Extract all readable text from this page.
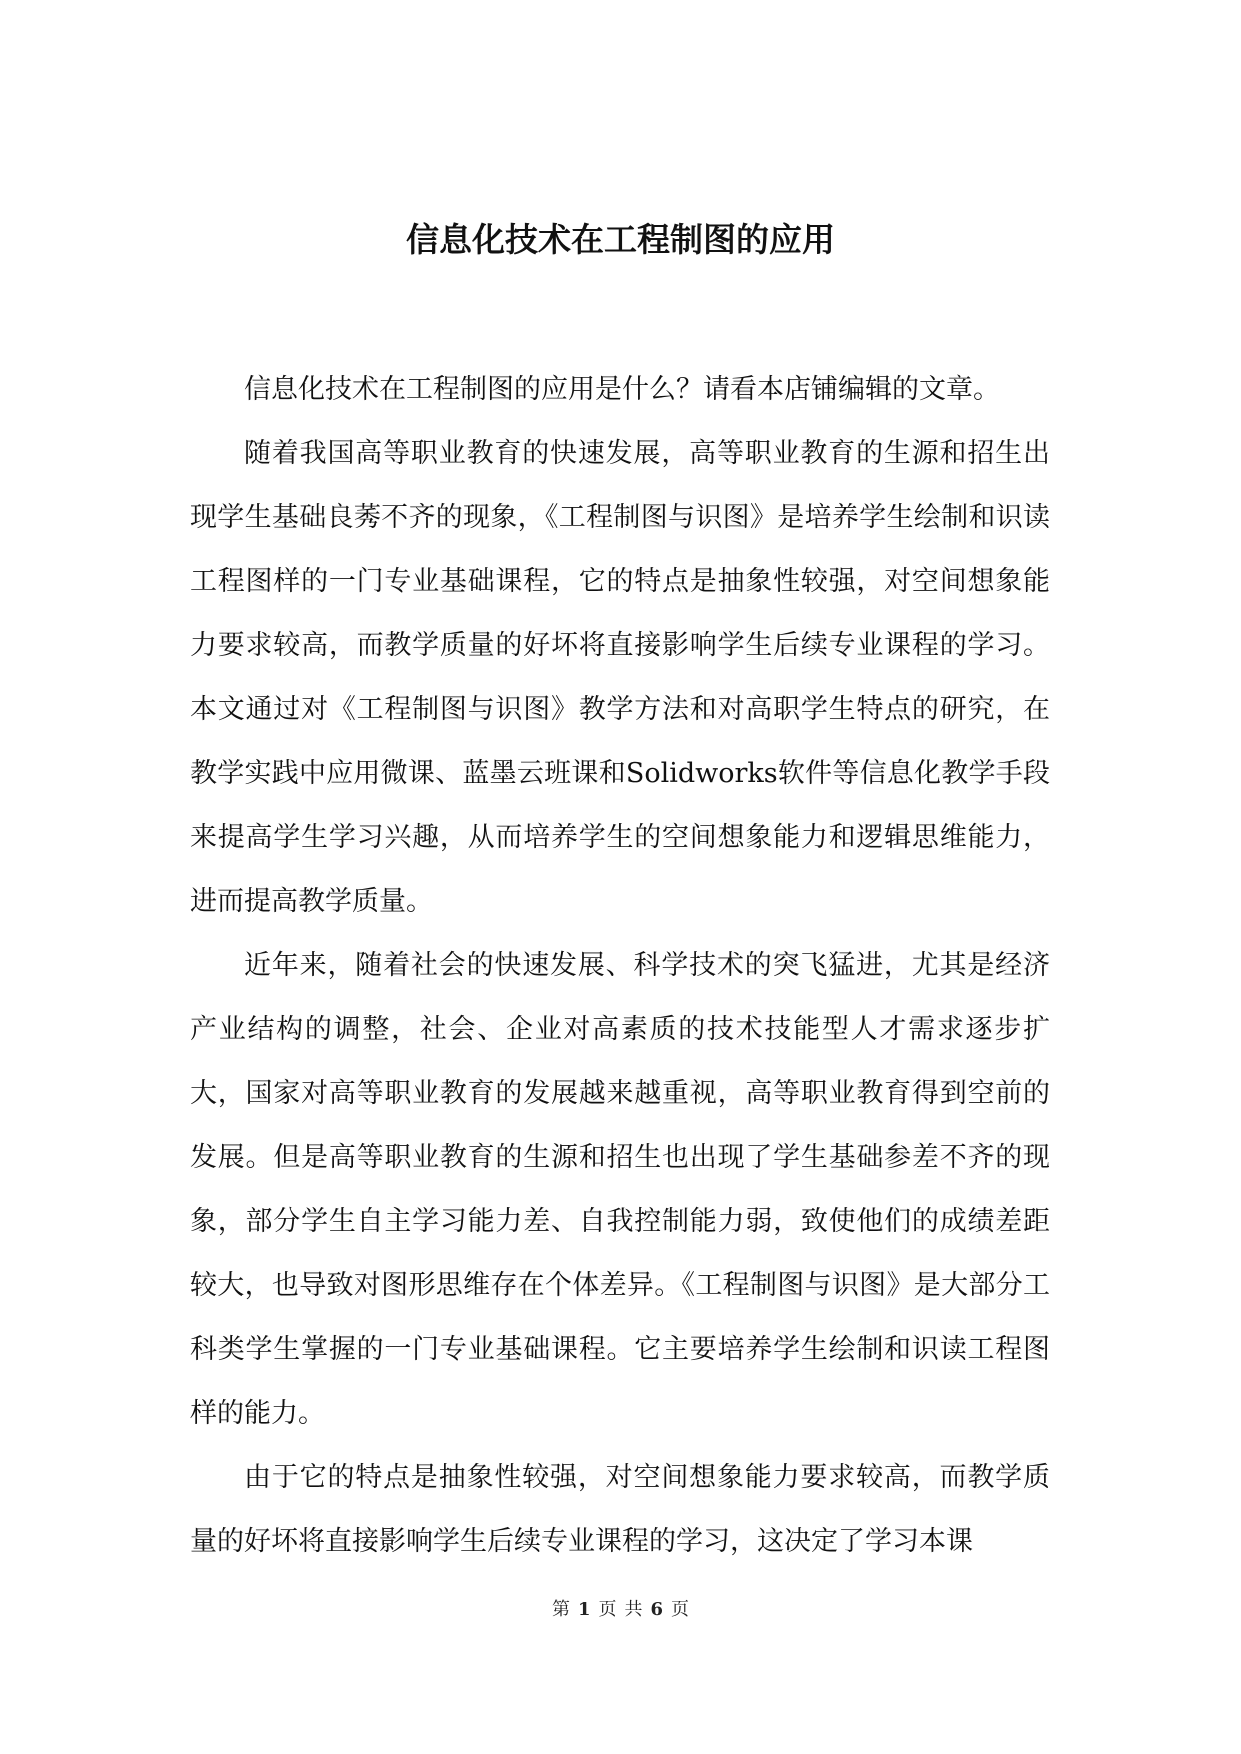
信息化技术在工程制图的应用

信息化技术在工程制图的应用是什么？请看本店铺编辑的文章。

随着我国高等职业教育的快速发展，高等职业教育的生源和招生出现学生基础良莠不齐的现象，《工程制图与识图》是培养学生绘制和识读工程图样的一门专业基础课程，它的特点是抽象性较强，对空间想象能力要求较高，而教学质量的好坏将直接影响学生后续专业课程的学习。本文通过对《工程制图与识图》教学方法和对高职学生特点的研究，在教学实践中应用微课、蓝墨云班课和Solidworks软件等信息化教学手段来提高学生学习兴趣，从而培养学生的空间想象能力和逻辑思维能力，进而提高教学质量。

近年来，随着社会的快速发展、科学技术的突飞猛进，尤其是经济产业结构的调整，社会、企业对高素质的技术技能型人才需求逐步扩大，国家对高等职业教育的发展越来越重视，高等职业教育得到空前的发展。但是高等职业教育的生源和招生也出现了学生基础参差不齐的现象，部分学生自主学习能力差、自我控制能力弱，致使他们的成绩差距较大，也导致对图形思维存在个体差异。《工程制图与识图》是大部分工科类学生掌握的一门专业基础课程。它主要培养学生绘制和识读工程图样的能力。

由于它的特点是抽象性较强，对空间想象能力要求较高，而教学质量的好坏将直接影响学生后续专业课程的学习，这决定了学习本课

第 1 页 共 6 页
